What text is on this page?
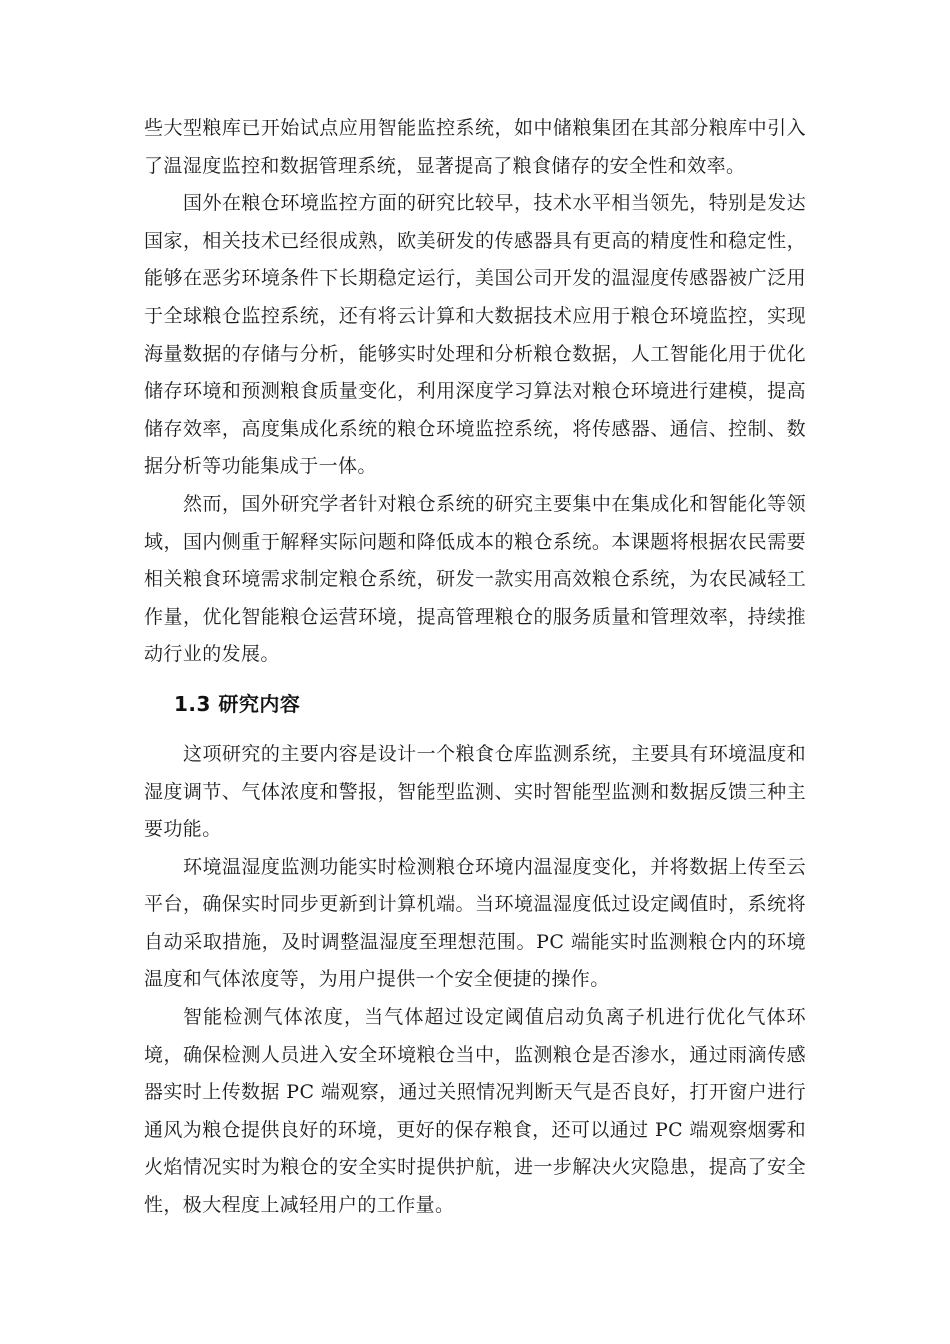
些大型粮库已开始试点应用智能监控系统，如中储粮集团在其部分粮库中引入了温湿度监控和数据管理系统，显著提高了粮食储存的安全性和效率。

国外在粮仓环境监控方面的研究比较早，技术水平相当领先，特别是发达国家，相关技术已经很成熟，欧美研发的传感器具有更高的精度性和稳定性，能够在恶劣环境条件下长期稳定运行，美国公司开发的温湿度传感器被广泛用于全球粮仓监控系统，还有将云计算和大数据技术应用于粮仓环境监控，实现海量数据的存储与分析，能够实时处理和分析粮仓数据，人工智能化用于优化储存环境和预测粮食质量变化，利用深度学习算法对粮仓环境进行建模，提高储存效率，高度集成化系统的粮仓环境监控系统，将传感器、通信、控制、数据分析等功能集成于一体。

然而，国外研究学者针对粮仓系统的研究主要集中在集成化和智能化等领域，国内侧重于解释实际问题和降低成本的粮仓系统。本课题将根据农民需要相关粮食环境需求制定粮仓系统，研发一款实用高效粮仓系统，为农民减轻工作量，优化智能粮仓运营环境，提高管理粮仓的服务质量和管理效率，持续推动行业的发展。

1.3 研究内容

这项研究的主要内容是设计一个粮食仓库监测系统，主要具有环境温度和湿度调节、气体浓度和警报，智能型监测、实时智能型监测和数据反馈三种主要功能。

环境温湿度监测功能实时检测粮仓环境内温湿度变化，并将数据上传至云平台，确保实时同步更新到计算机端。当环境温湿度低过设定阈值时，系统将自动采取措施，及时调整温湿度至理想范围。PC 端能实时监测粮仓内的环境温度和气体浓度等，为用户提供一个安全便捷的操作。

智能检测气体浓度，当气体超过设定阈值启动负离子机进行优化气体环境，确保检测人员进入安全环境粮仓当中，监测粮仓是否渗水，通过雨滴传感器实时上传数据 PC 端观察，通过关照情况判断天气是否良好，打开窗户进行通风为粮仓提供良好的环境，更好的保存粮食，还可以通过 PC 端观察烟雾和火焰情况实时为粮仓的安全实时提供护航，进一步解决火灾隐患，提高了安全性，极大程度上减轻用户的工作量。
